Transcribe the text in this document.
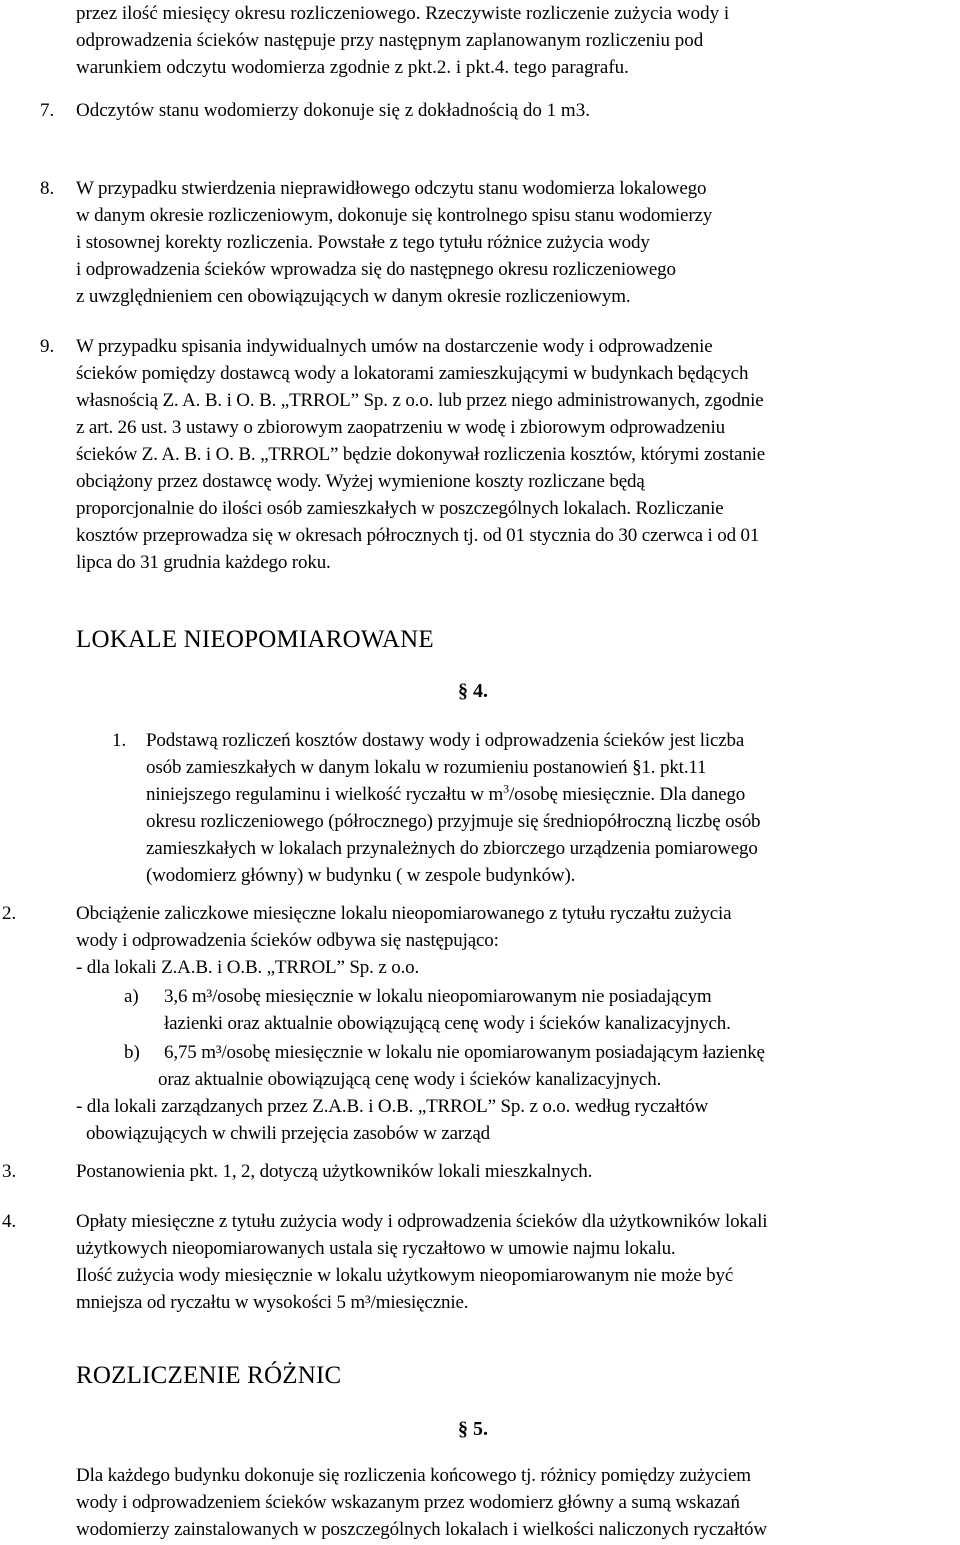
przez ilość miesięcy okresu rozliczeniowego. Rzeczywiste rozliczenie zużycia wody i
odprowadzenia ścieków następuje przy następnym zaplanowanym rozliczeniu pod
warunkiem odczytu wodomierza zgodnie z pkt.2. i pkt.4. tego paragrafu.
7. Odczytów stanu wodomierzy dokonuje się z dokładnością do 1 m3.
8. W przypadku stwierdzenia nieprawidłowego odczytu stanu wodomierza lokalowego
w danym okresie rozliczeniowym, dokonuje się kontrolnego spisu stanu wodomierzy
i stosownej korekty rozliczenia. Powstałe z tego tytułu różnice zużycia wody
i odprowadzenia ścieków wprowadza się do następnego okresu rozliczeniowego
z uwzględnieniem cen obowiązujących w danym okresie rozliczeniowym.
9. W przypadku spisania indywidualnych umów na dostarczenie wody i odprowadzenie
ścieków pomiędzy dostawcą wody a lokatorami zamieszkującymi w budynkach będących
własnością Z. A. B. i O. B. „TRROL” Sp. z o.o. lub przez niego administrowanych, zgodnie
z art. 26 ust. 3 ustawy o zbiorowym zaopatrzeniu w wodę i zbiorowym odprowadzeniu
ścieków Z. A. B. i O. B. „TRROL” będzie dokonywał rozliczenia kosztów, którymi zostanie
obciążony przez dostawcę wody. Wyżej wymienione koszty rozliczane będą
proporcjonalnie do ilości osób zamieszkałych w poszczególnych lokalach. Rozliczanie
kosztów przeprowadza się w okresach półrocznych tj. od 01 stycznia do 30 czerwca i od 01
lipca do 31 grudnia każdego roku.
LOKALE NIEOPOMIAROWANE
§ 4.
1. Podstawą rozliczeń kosztów dostawy wody i odprowadzenia ścieków jest liczba
osób zamieszkałych w danym lokalu w rozumieniu postanowień §1. pkt.11
niniejszego regulaminu i wielkość ryczałtu w $m^3$/osobę miesięcznie. Dla danego
okresu rozliczeniowego (półrocznego) przyjmuje się średniopółroczną liczbę osób
zamieszkałych w lokalach przynależnych do zbiorczego urządzenia pomiarowego
(wodomierz główny) w budynku ( w zespole budynków).
2.	Obciążenie zaliczkowe miesięczne lokalu nieopomiarowanego z tytułu ryczałtu zużycia
wody i odprowadzenia ścieków odbywa się następująco:
- dla lokali Z.A.B. i O.B. „TRROL” Sp. z o.o.
a) 3,6 m³/osobę miesięcznie w lokalu nieopomiarowanym nie posiadającym
łazienki oraz aktualnie obowiązującą cenę wody i ścieków kanalizacyjnych.
b) 6,75 m³/osobę miesięcznie w lokalu nie opomiarowanym posiadającym łazienkę
oraz aktualnie obowiązującą cenę wody i ścieków kanalizacyjnych.
- dla lokali zarządzanych przez Z.A.B. i O.B. „TRROL” Sp. z o.o. według ryczałtów
obowiązujących w chwili przejęcia zasobów w zarząd
3.	Postanowienia pkt. 1, 2, dotyczą użytkowników lokali mieszkalnych.
4.	Opłaty miesięczne z tytułu zużycia wody i odprowadzenia ścieków dla użytkowników lokali
użytkowych nieopomiarowanych ustala się ryczałtowo w umowie najmu lokalu.
Ilość zużycia wody miesięcznie w lokalu użytkowym nieopomiarowanym nie może być
mniejsza od ryczałtu w wysokości 5 m³/miesięcznie.
ROZLICZENIE RÓŻNIC
§ 5.
Dla każdego budynku dokonuje się rozliczenia końcowego tj. różnicy pomiędzy zużyciem
wody i odprowadzeniem ścieków wskazanym przez wodomierz główny a sumą wskazań
wodomierzy zainstalowanych w poszczególnych lokalach i wielkości naliczonych ryczałtów
